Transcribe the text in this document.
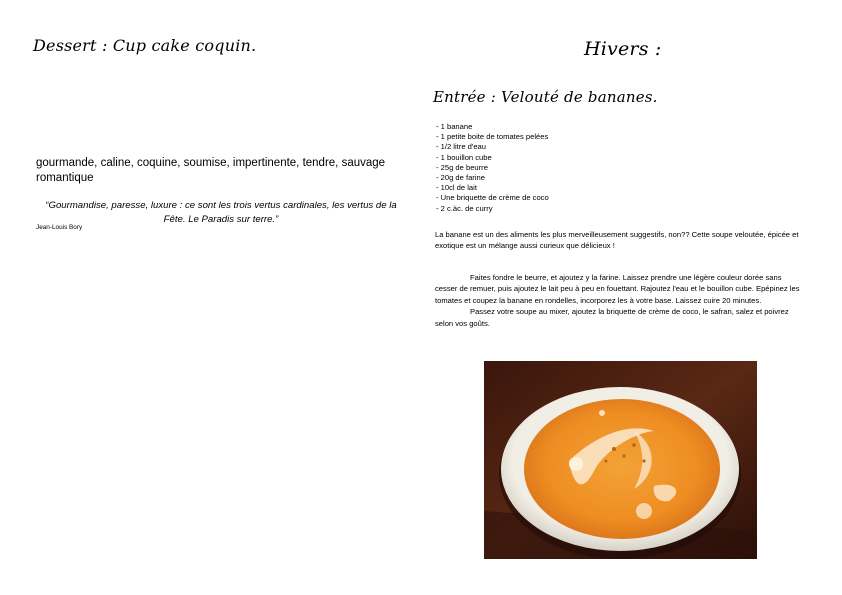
Dessert : Cup cake coquin.
gourmande, caline, coquine, soumise, impertinente, tendre, sauvage romantique
“Gourmandise, paresse, luxure : ce sont les trois vertus cardinales, les vertus de la Fête. Le Paradis sur terre.”
Jean-Louis Bory
Hivers :
Entrée : Velouté de bananes.
- 1 banane
- 1 petite boite de tomates pelées
- 1/2 litre d'eau
- 1 bouillon cube
- 25g de beurre
- 20g de farine
- 10cl de lait
- Une briquette de crème de coco
- 2 c.àc. de curry
La banane est un des aliments les plus merveilleusement suggestifs, non?? Cette soupe veloutée, épicée et exotique est un mélange aussi curieux que délicieux !

Faites fondre le beurre, et ajoutez y la farine. Laissez prendre une légère couleur dorée sans cesser de remuer, puis ajoutez le lait peu à peu en fouettant. Rajoutez l'eau et le bouillon cube. Epépinez les tomates et coupez la banane en rondelles, incorporez les à votre base. Laissez cuire 20 minutes.

Passez votre soupe au mixer, ajoutez la briquette de crème de coco, le safran, salez et poivrez selon vos goûts.
